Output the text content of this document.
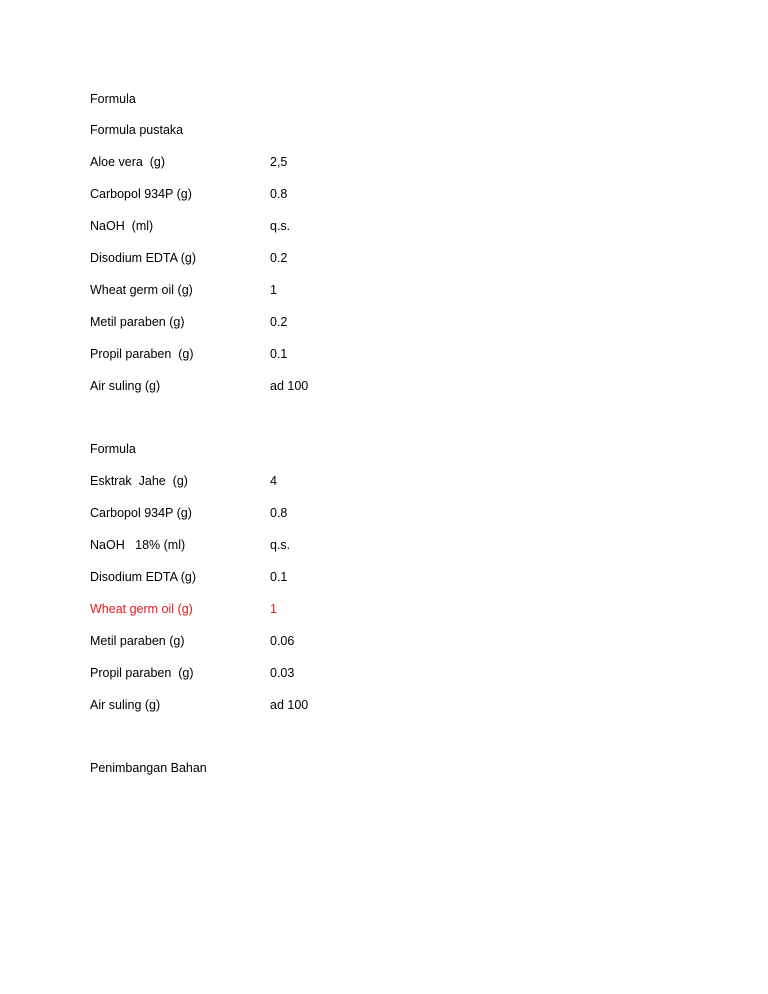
Formula
Formula pustaka
Aloe vera  (g)	2,5
Carbopol 934P (g)	0.8
NaOH  (ml)	q.s.
Disodium EDTA (g)	0.2
Wheat germ oil (g)	1
Metil paraben (g)	0.2
Propil paraben  (g)	0.1
Air suling (g)	ad 100
Formula
Esktrak  Jahe  (g)	4
Carbopol 934P (g)	0.8
NaOH   18% (ml)	q.s.
Disodium EDTA (g)	0.1
Wheat germ oil (g)	1
Metil paraben (g)	0.06
Propil paraben  (g)	0.03
Air suling (g)	ad 100
Penimbangan Bahan
